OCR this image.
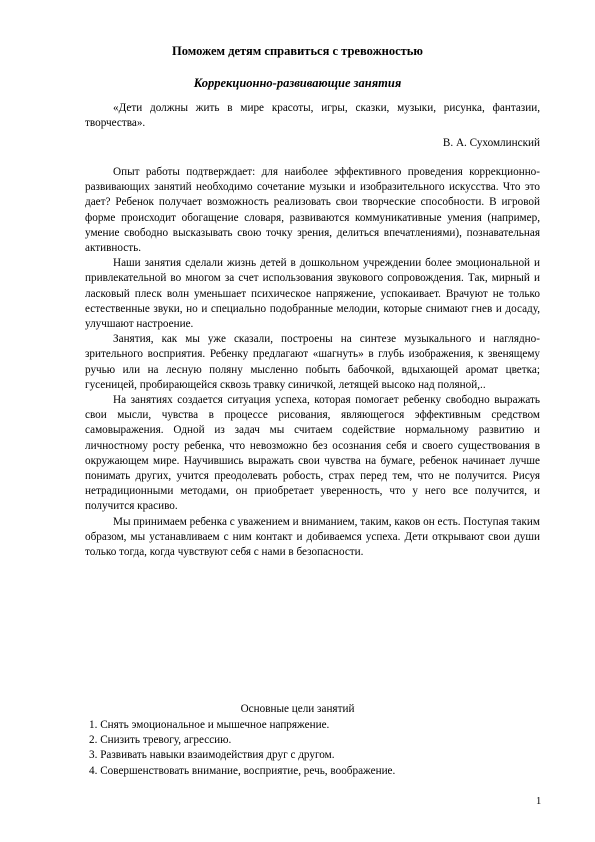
Поможем детям справиться с тревожностью
Коррекционно-развивающие занятия

«Дети должны жить в мире красоты, игры, сказки, музыки, рисунка, фантазии, творчества».

В. А. Сухомлинский

Опыт работы подтверждает: для наиболее эффективного проведения коррекционно-развивающих занятий необходимо сочетание музыки и изобразительного искусства. Что это дает? Ребенок получает возможность реализовать свои творческие способности. В игровой форме происходит обогащение словаря, развиваются коммуникативные умения (например, умение свободно высказывать свою точку зрения, делиться впечатлениями), познавательная активность.

Наши занятия сделали жизнь детей в дошкольном учреждении более эмоциональной и привлекательной во многом за счет использования звукового сопровождения. Так, мирный и ласковый плеск волн уменьшает психическое напряжение, успокаивает. Врачуют не только естественные звуки, но и специально подобранные мелодии, которые снимают гнев и досаду, улучшают настроение.

Занятия, как мы уже сказали, построены на синтезе музыкального и наглядно-зрительного восприятия. Ребенку предлагают «шагнуть» в глубь изображения, к звенящему ручью или на лесную поляну мысленно побыть бабочкой, вдыхающей аромат цветка; гусеницей, пробирающейся сквозь травку синичкой, летящей высоко над поляной,..

На занятиях создается ситуация успеха, которая помогает ребенку свободно выражать свои мысли, чувства в процессе рисования, являющегося эффективным средством самовыражения. Одной из задач мы считаем содействие нормальному развитию и личностному росту ребенка, что невозможно без осознания себя и своего существования в окружающем мире. Научившись выражать свои чувства на бумаге, ребенок начинает лучше понимать других, учится преодолевать робость, страх перед тем, что не получится. Рисуя нетрадиционными методами, он приобретает уверенность, что у него все получится, и получится красиво.

Мы принимаем ребенка с уважением и вниманием, таким, каков он есть. Поступая таким образом, мы устанавливаем с ним контакт и добиваемся успеха. Дети открывают свои души только тогда, когда чувствуют себя с нами в безопасности.

Основные цели занятий
1. Снять эмоциональное и мышечное напряжение.
2. Снизить тревогу, агрессию.
3. Развивать навыки взаимодействия друг с другом.
4. Совершенствовать внимание, восприятие, речь, воображение.
1
